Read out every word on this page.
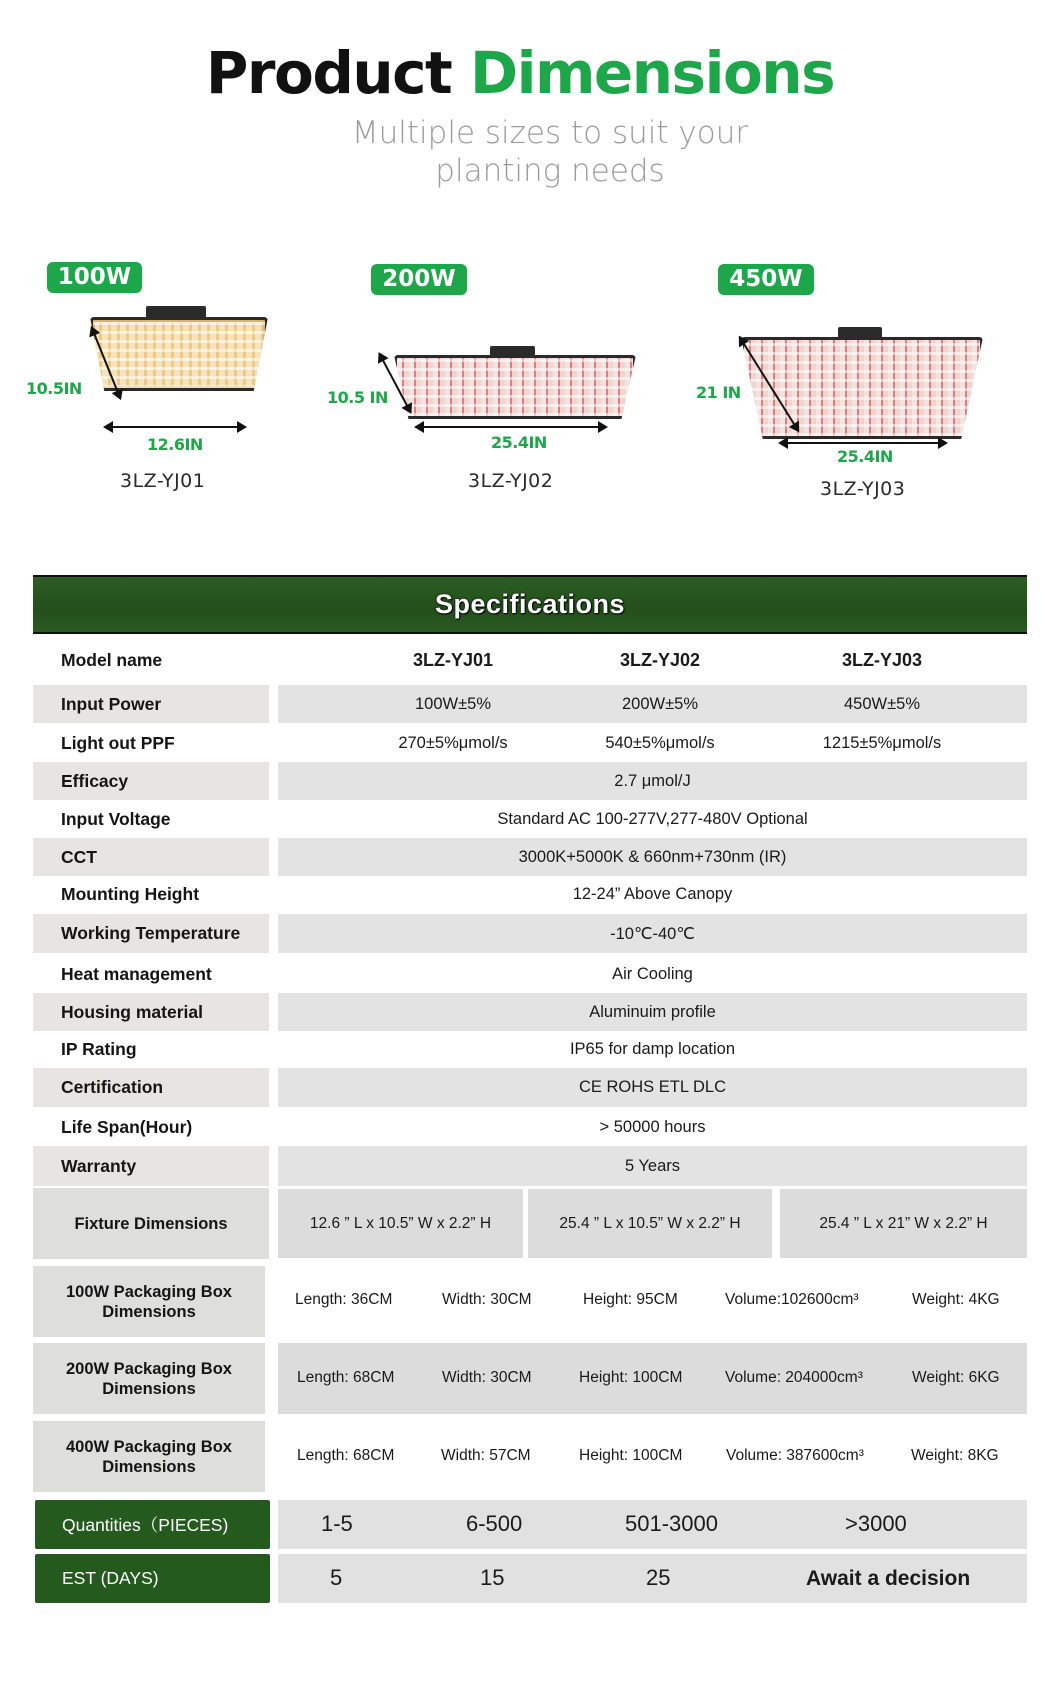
Product Dimensions
Multiple sizes to suit your
planting needs
100W
10.5IN
12.6IN
3LZ-YJ01
200W
10.5 IN
25.4IN
3LZ-YJ02
450W
21 IN
25.4IN
3LZ-YJ03
Specifications
Model name	3LZ-YJ01	3LZ-YJ02	3LZ-YJ03
Input Power	100W±5%	200W±5%	450W±5%
Light out PPF	270±5%μmol/s	540±5%μmol/s	1215±5%μmol/s
Efficacy	2.7 μmol/J
Input Voltage	Standard AC 100-277V,277-480V Optional
CCT	3000K+5000K & 660nm+730nm (IR)
Mounting Height	12-24” Above Canopy
Working Temperature	-10℃-40℃
Heat management	Air Cooling
Housing material	Aluminuim profile
IP Rating	IP65 for damp location
Certification	CE ROHS ETL DLC
Life Span(Hour)	> 50000 hours
Warranty	5 Years
Fixture Dimensions	12.6 ” L x 10.5” W x 2.2” H	25.4 ” L x 10.5” W x 2.2” H	25.4 ” L x 21” W x 2.2” H
100W Packaging Box
Dimensions
Length: 36CM	Width: 30CM	Height: 95CM	Volume:102600cm³	Weight: 4KG
200W Packaging Box
Dimensions
Length: 68CM	Width: 30CM	Height: 100CM	Volume: 204000cm³	Weight: 6KG
400W Packaging Box
Dimensions
Length: 68CM	Width: 57CM	Height: 100CM	Volume: 387600cm³	Weight: 8KG
Quantities（PIECES)	1-5	6-500	501-3000	>3000
EST (DAYS)	5	15	25	Await a decision
